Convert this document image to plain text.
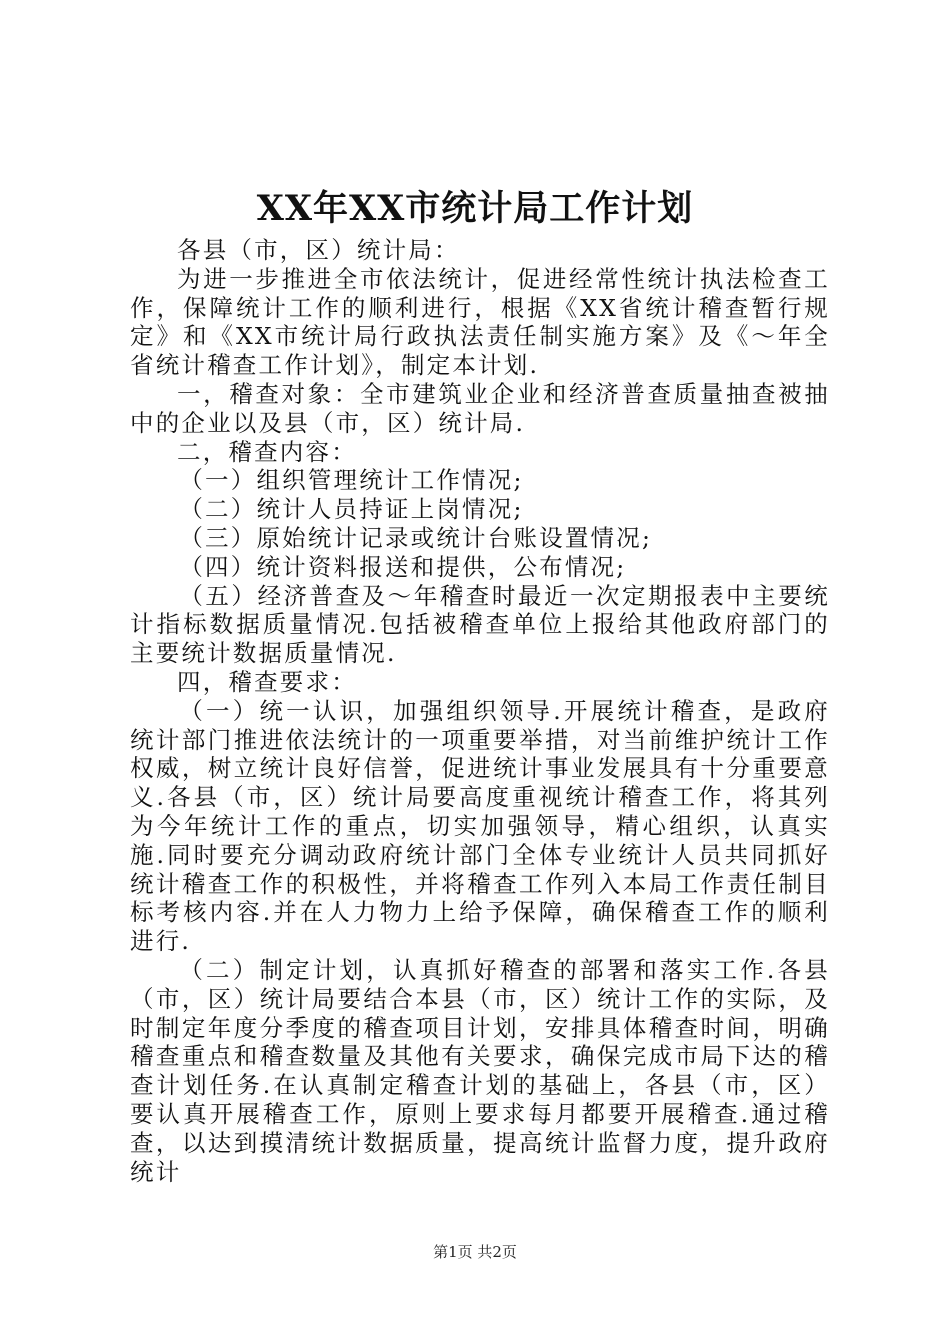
XX年XX市统计局工作计划

各县（市，区）统计局：

为进一步推进全市依法统计，促进经常性统计执法检查工作，保障统计工作的顺利进行，根据《XX省统计稽查暂行规定》和《XX市统计局行政执法责任制实施方案》及《～年全省统计稽查工作计划》，制定本计划.

一，稽查对象：全市建筑业企业和经济普查质量抽查被抽中的企业以及县（市，区）统计局.

二，稽查内容：

（一）组织管理统计工作情况;

（二）统计人员持证上岗情况;

（三）原始统计记录或统计台账设置情况;

（四）统计资料报送和提供，公布情况;

（五）经济普查及～年稽查时最近一次定期报表中主要统计指标数据质量情况.包括被稽查单位上报给其他政府部门的主要统计数据质量情况.

四，稽查要求：

（一）统一认识，加强组织领导.开展统计稽查，是政府统计部门推进依法统计的一项重要举措，对当前维护统计工作权威，树立统计良好信誉，促进统计事业发展具有十分重要意义.各县（市，区）统计局要高度重视统计稽查工作，将其列为今年统计工作的重点，切实加强领导，精心组织，认真实施.同时要充分调动政府统计部门全体专业统计人员共同抓好统计稽查工作的积极性，并将稽查工作列入本局工作责任制目标考核内容.并在人力物力上给予保障，确保稽查工作的顺利进行.

（二）制定计划，认真抓好稽查的部署和落实工作.各县（市，区）统计局要结合本县（市，区）统计工作的实际，及时制定年度分季度的稽查项目计划，安排具体稽查时间，明确稽查重点和稽查数量及其他有关要求，确保完成市局下达的稽查计划任务.在认真制定稽查计划的基础上，各县（市，区）要认真开展稽查工作，原则上要求每月都要开展稽查.通过稽查，以达到摸清统计数据质量，提高统计监督力度，提升政府统计

第1页 共2页
